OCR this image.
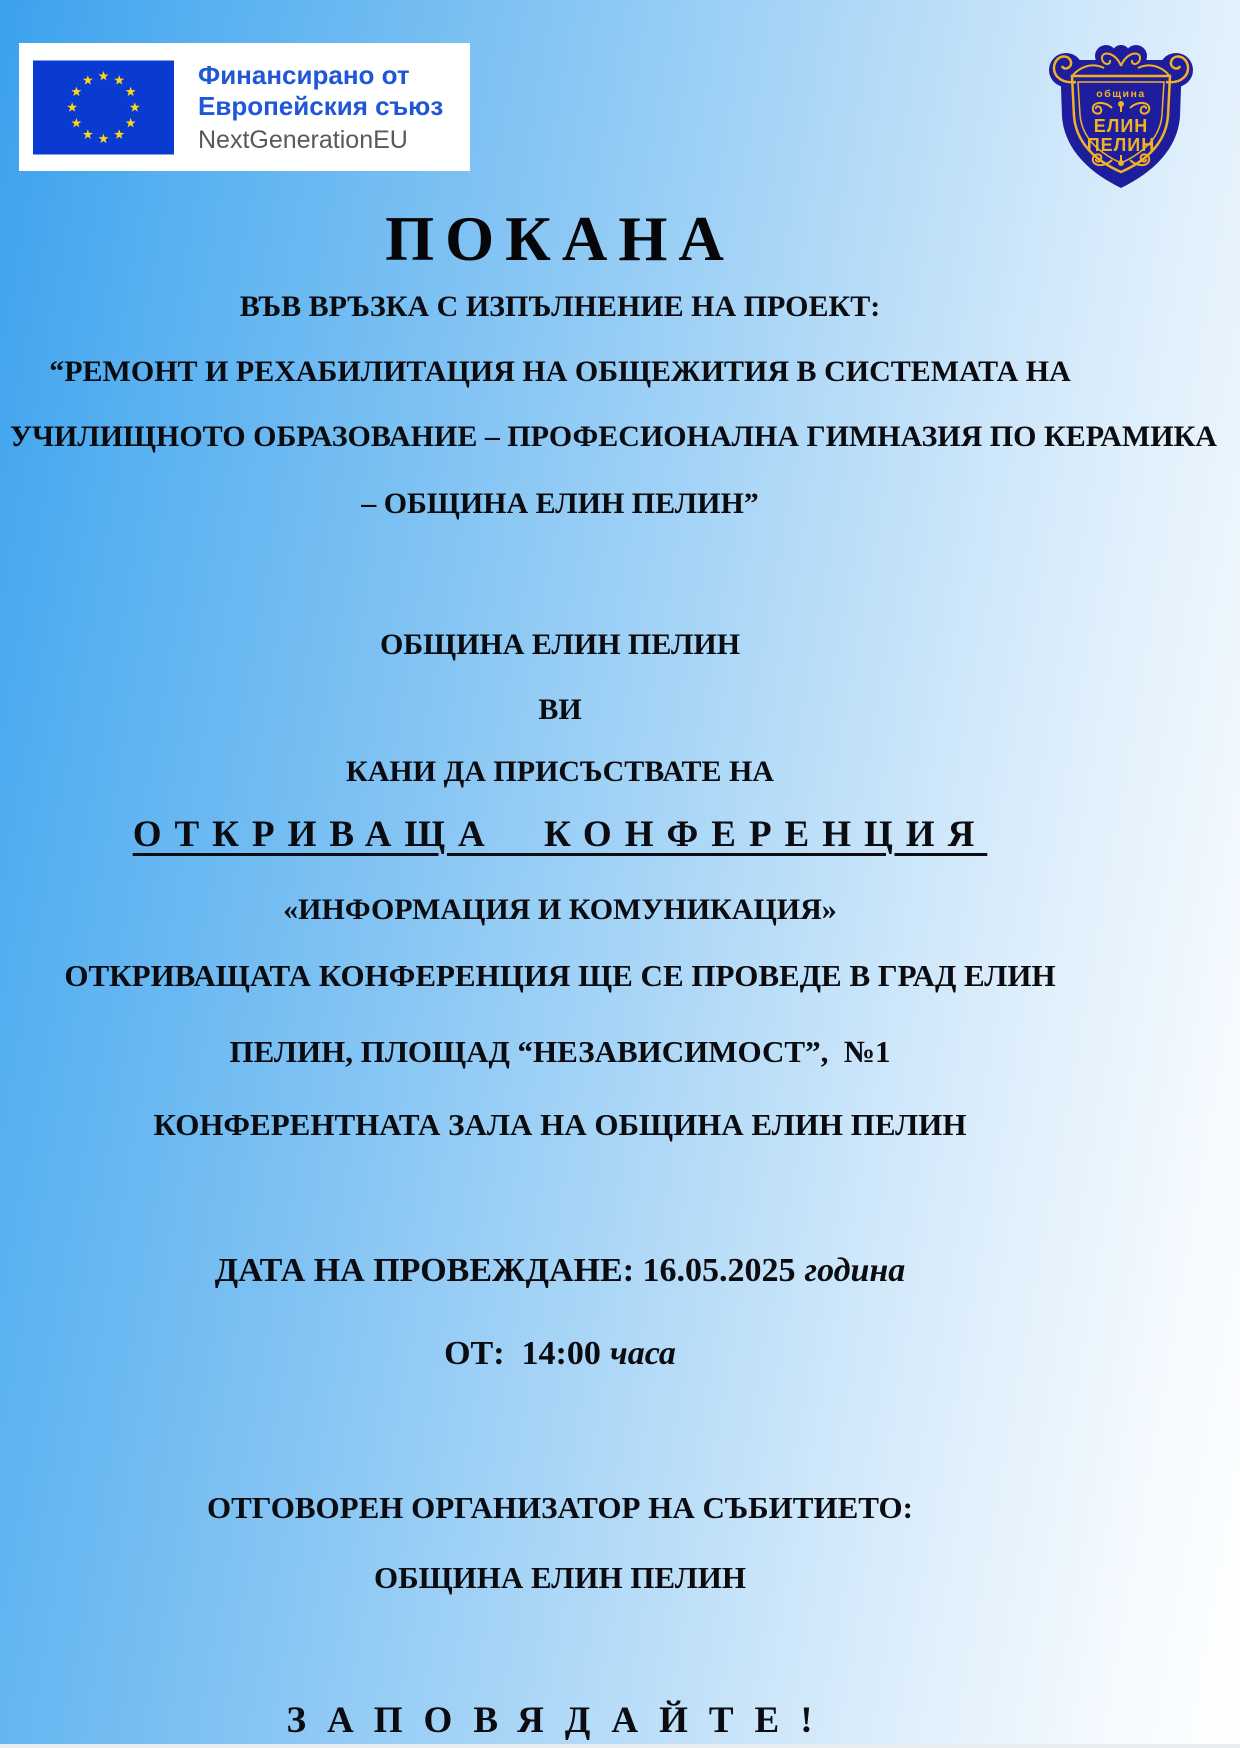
Финансирано от
Европейския съюз
NextGenerationEU
община
ЕЛИН
ПЕЛИН
ПОКАНА
ВЪВ ВРЪЗКА С ИЗПЪЛНЕНИЕ НА ПРОЕКТ:
“РЕМОНТ И РЕХАБИЛИТАЦИЯ НА ОБЩЕЖИТИЯ В СИСТЕМАТА НА
УЧИЛИЩНОТО ОБРАЗОВАНИЕ – ПРОФЕСИОНАЛНА ГИМНАЗИЯ ПО КЕРАМИКА
– ОБЩИНА ЕЛИН ПЕЛИН”
ОБЩИНА ЕЛИН ПЕЛИН
ВИ
КАНИ ДА ПРИСЪСТВАТЕ НА
ОТКРИВАЩА КОНФЕРЕНЦИЯ
«ИНФОРМАЦИЯ И КОМУНИКАЦИЯ»
ОТКРИВАЩАТА КОНФЕРЕНЦИЯ ЩЕ СЕ ПРОВЕДЕ В ГРАД ЕЛИН
ПЕЛИН, ПЛОЩАД “НЕЗАВИСИМОСТ”,  №1
КОНФЕРЕНТНАТА ЗАЛА НА ОБЩИНА ЕЛИН ПЕЛИН
ДАТА НА ПРОВЕЖДАНЕ: 16.05.2025 година
ОТ:  14:00 часа
ОТГОВОРЕН ОРГАНИЗАТОР НА СЪБИТИЕТО:
ОБЩИНА ЕЛИН ПЕЛИН
ЗАПОВЯДАЙТЕ!
